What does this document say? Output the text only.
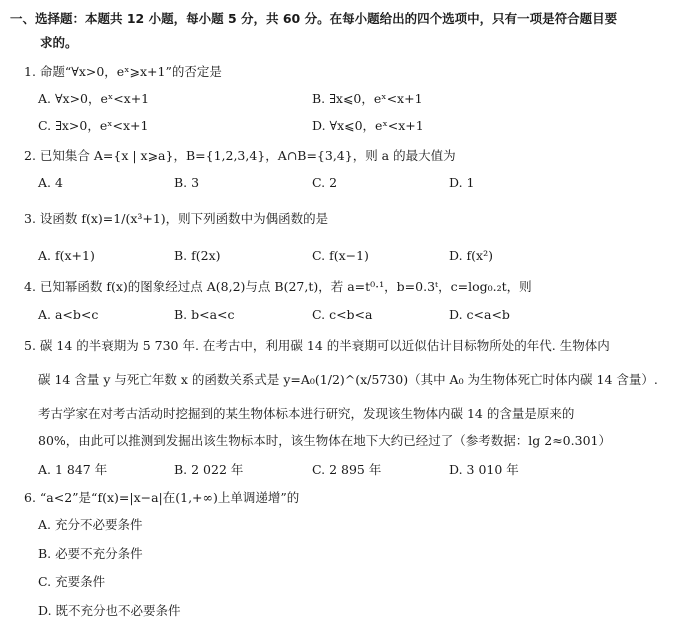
一、选择题：本题共 12 小题，每小题 5 分，共 60 分。在每小题给出的四个选项中，只有一项是符合题目要
求的。
1. 命题“∀x>0，eˣ⩾x+1”的否定是
A. ∀x>0，eˣ<x+1	B. ∃x⩽0，eˣ<x+1
C. ∃x>0，eˣ<x+1	D. ∀x⩽0，eˣ<x+1
2. 已知集合 A={x | x⩾a}，B={1,2,3,4}，A∩B={3,4}，则 a 的最大值为
A. 4	B. 3	C. 2	D. 1
3. 设函数 f(x)=1/(x³+1)，则下列函数中为偶函数的是
A. f(x+1)	B. f(2x)	C. f(x−1)	D. f(x²)
4. 已知幂函数 f(x)的图象经过点 A(8,2)与点 B(27,t)，若 a=t⁰·¹，b=0.3ᵗ，c=log₀.₂t，则
A. a<b<c	B. b<a<c	C. c<b<a	D. c<a<b
5. 碳 14 的半衰期为 5 730 年. 在考古中，利用碳 14 的半衰期可以近似估计目标物所处的年代. 生物体内
碳 14 含量 y 与死亡年数 x 的函数关系式是 y=A₀(1/2)^(x/5730)（其中 A₀ 为生物体死亡时体内碳 14 含量）.
考古学家在对考古活动时挖掘到的某生物体标本进行研究，发现该生物体内碳 14 的含量是原来的
80%，由此可以推测到发掘出该生物标本时，该生物体在地下大约已经过了（参考数据：lg 2≈0.301）
A. 1 847 年	B. 2 022 年	C. 2 895 年	D. 3 010 年
6. “a<2”是“f(x)=|x−a|在(1,+∞)上单调递增”的
A. 充分不必要条件
B. 必要不充分条件
C. 充要条件
D. 既不充分也不必要条件
